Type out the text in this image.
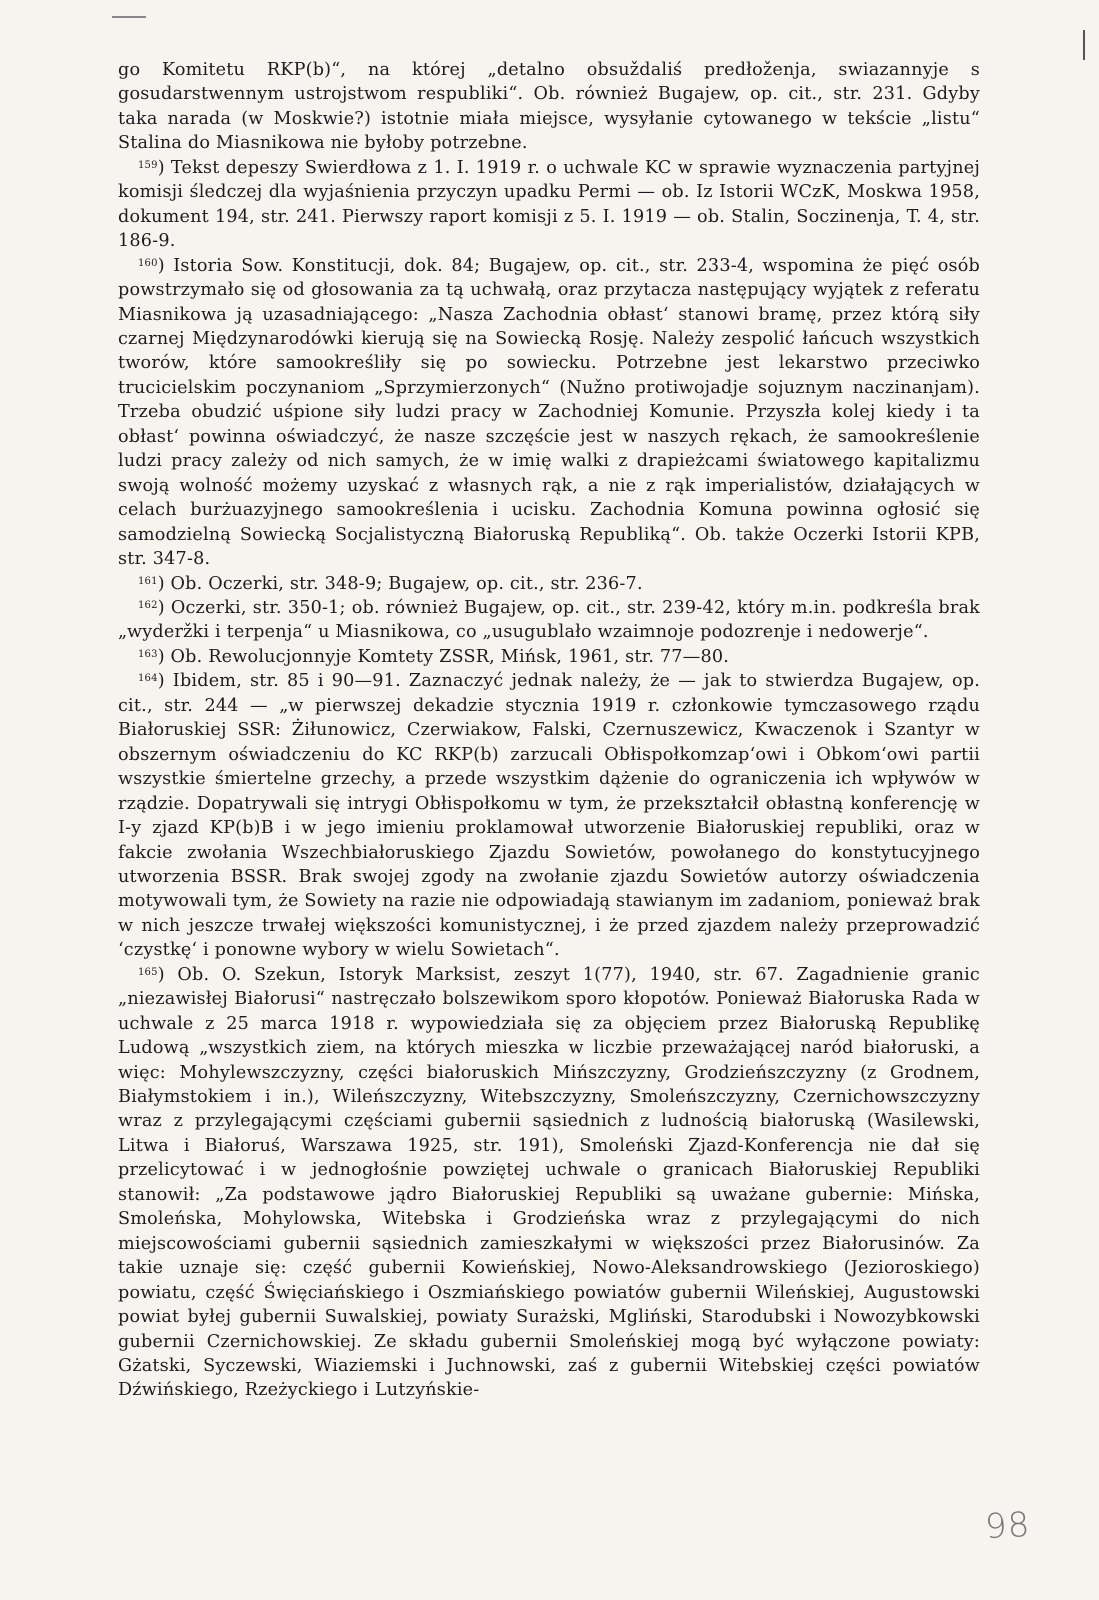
go Komitetu RKP(b)“, na której „detalno obsuždaliś predłoženja, swiazannyje s gosudarstwennym ustrojstwom respubliki“. Ob. również Bugajew, op. cit., str. 231. Gdyby taka narada (w Moskwie?) istotnie miała miejsce, wysyłanie cytowanego w tekście „listu“ Stalina do Miasnikowa nie byłoby potrzebne.

$^{159}$) Tekst depeszy Swierdłowa z 1. I. 1919 r. o uchwale KC w sprawie wyznaczenia partyjnej komisji śledczej dla wyjaśnienia przyczyn upadku Permi — ob. Iz Istorii WCzK, Moskwa 1958, dokument 194, str. 241. Pierwszy raport komisji z 5. I. 1919 — ob. Stalin, Soczinenja, T. 4, str. 186-9.

$^{160}$) Istoria Sow. Konstitucji, dok. 84; Bugajew, op. cit., str. 233-4, wspomina że pięć osób powstrzymało się od głosowania za tą uchwałą, oraz przytacza następujący wyjątek z referatu Miasnikowa ją uzasadniającego: „Nasza Zachodnia obłast‘ stanowi bramę, przez którą siły czarnej Międzynarodówki kierują się na Sowiecką Rosję. Należy zespolić łańcuch wszystkich tworów, które samookreśliły się po sowiecku. Potrzebne jest lekarstwo przeciwko trucicielskim poczynaniom „Sprzymierzonych“ (Nužno protiwojadje sojuznym naczinanjam). Trzeba obudzić uśpione siły ludzi pracy w Zachodniej Komunie. Przyszła kolej kiedy i ta obłast‘ powinna oświadczyć, że nasze szczęście jest w naszych rękach, że samookreślenie ludzi pracy zależy od nich samych, że w imię walki z drapieżcami światowego kapitalizmu swoją wolność możemy uzyskać z własnych rąk, a nie z rąk imperialistów, działających w celach burżuazyjnego samookreślenia i ucisku. Zachodnia Komuna powinna ogłosić się samodzielną Sowiecką Socjalistyczną Białoruską Republiką“. Ob. także Oczerki Istorii KPB, str. 347-8.

$^{161}$) Ob. Oczerki, str. 348-9; Bugajew, op. cit., str. 236-7.

$^{162}$) Oczerki, str. 350-1; ob. również Bugajew, op. cit., str. 239-42, który m.in. podkreśla brak „wyderžki i terpenja“ u Miasnikowa, co „usugublało wzaimnoje podozrenje i nedowerje“.

$^{163}$) Ob. Rewolucjonnyje Komtety ZSSR, Mińsk, 1961, str. 77—80.

$^{164}$) Ibidem, str. 85 i 90—91. Zaznaczyć jednak należy, że — jak to stwierdza Bugajew, op. cit., str. 244 — „w pierwszej dekadzie stycznia 1919 r. członkowie tymczasowego rządu Białoruskiej SSR: Żiłunowicz, Czerwiakow, Falski, Czernuszewicz, Kwaczenok i Szantyr w obszernym oświadczeniu do KC RKP(b) zarzucali Obłispołkomzap‘owi i Obkom‘owi partii wszystkie śmiertelne grzechy, a przede wszystkim dążenie do ograniczenia ich wpływów w rządzie. Dopatrywali się intrygi Obłispołkomu w tym, że przekształcił obłastną konferencję w I-y zjazd KP(b)B i w jego imieniu proklamował utworzenie Białoruskiej republiki, oraz w fakcie zwołania Wszechbiałoruskiego Zjazdu Sowietów, powołanego do konstytucyjnego utworzenia BSSR. Brak swojej zgody na zwołanie zjazdu Sowietów autorzy oświadczenia motywowali tym, że Sowiety na razie nie odpowiadają stawianym im zadaniom, ponieważ brak w nich jeszcze trwałej większości komunistycznej, i że przed zjazdem należy przeprowadzić ‘czystkę‘ i ponowne wybory w wielu Sowietach“.

$^{165}$) Ob. O. Szekun, Istoryk Marksist, zeszyt 1(77), 1940, str. 67. Zagadnienie granic „niezawisłej Białorusi“ nastręczało bolszewikom sporo kłopotów. Ponieważ Białoruska Rada w uchwale z 25 marca 1918 r. wypowiedziała się za objęciem przez Białoruską Republikę Ludową „wszystkich ziem, na których mieszka w liczbie przeważającej naród białoruski, a więc: Mohylewszczyzny, części białoruskich Mińszczyzny, Grodzieńszczyzny (z Grodnem, Białymstokiem i in.), Wileńszczyzny, Witebszczyzny, Smoleńszczyzny, Czernichowszczyzny wraz z przylegającymi częściami gubernii sąsiednich z ludnością białoruską (Wasilewski, Litwa i Białoruś, Warszawa 1925, str. 191), Smoleński Zjazd-Konferencja nie dał się przelicytować i w jednogłośnie powziętej uchwale o granicach Białoruskiej Republiki stanowił: „Za podstawowe jądro Białoruskiej Republiki są uważane gubernie: Mińska, Smoleńska, Mohylowska, Witebska i Grodzieńska wraz z przylegającymi do nich miejscowościami gubernii sąsiednich zamieszkałymi w większości przez Białorusinów. Za takie uznaje się: część gubernii Kowieńskiej, Nowo-Aleksandrowskiego (Jezioroskiego) powiatu, część Święciańskiego i Oszmiańskiego powiatów gubernii Wileńskiej, Augustowski powiat byłej gubernii Suwalskiej, powiaty Surażski, Mgliński, Starodubski i Nowozybkowski gubernii Czernichowskiej. Ze składu gubernii Smoleńskiej mogą być wyłączone powiaty: Gżatski, Syczewski, Wiaziemski i Juchnowski, zaś z gubernii Witebskiej części powiatów Dźwińskiego, Rzeżyckiego i Lutzyńskie-

98
